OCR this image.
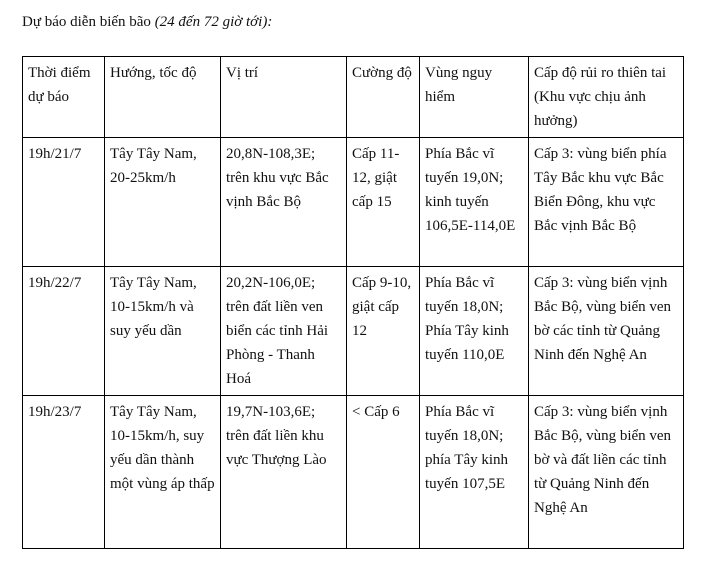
Dự báo diễn biến bão (24 đến 72 giờ tới):
Thời điểm dự báo	Hướng, tốc độ	Vị trí	Cường độ	Vùng nguy hiểm	Cấp độ rủi ro thiên tai (Khu vực chịu ảnh hưởng)
19h/21/7	Tây Tây Nam, 20-25km/h	20,8N-108,3E; trên khu vực Bắc vịnh Bắc Bộ	Cấp 11-12, giật cấp 15	Phía Bắc vĩ tuyến 19,0N; kinh tuyến 106,5E-114,0E	Cấp 3: vùng biển phía Tây Bắc khu vực Bắc Biển Đông, khu vực Bắc vịnh Bắc Bộ
19h/22/7	Tây Tây Nam, 10-15km/h và suy yếu dần	20,2N-106,0E; trên đất liền ven biển các tỉnh Hải Phòng - Thanh Hoá	Cấp 9-10, giật cấp 12	Phía Bắc vĩ tuyến 18,0N; Phía Tây kinh tuyến 110,0E	Cấp 3: vùng biển vịnh Bắc Bộ, vùng biển ven bờ các tỉnh từ Quảng Ninh đến Nghệ An
19h/23/7	Tây Tây Nam, 10-15km/h, suy yếu dần thành một vùng áp thấp	19,7N-103,6E; trên đất liền khu vực Thượng Lào	< Cấp 6	Phía Bắc vĩ tuyến 18,0N; phía Tây kinh tuyến 107,5E	Cấp 3: vùng biển vịnh Bắc Bộ, vùng biển ven bờ và đất liền các tỉnh từ Quảng Ninh đến Nghệ An
